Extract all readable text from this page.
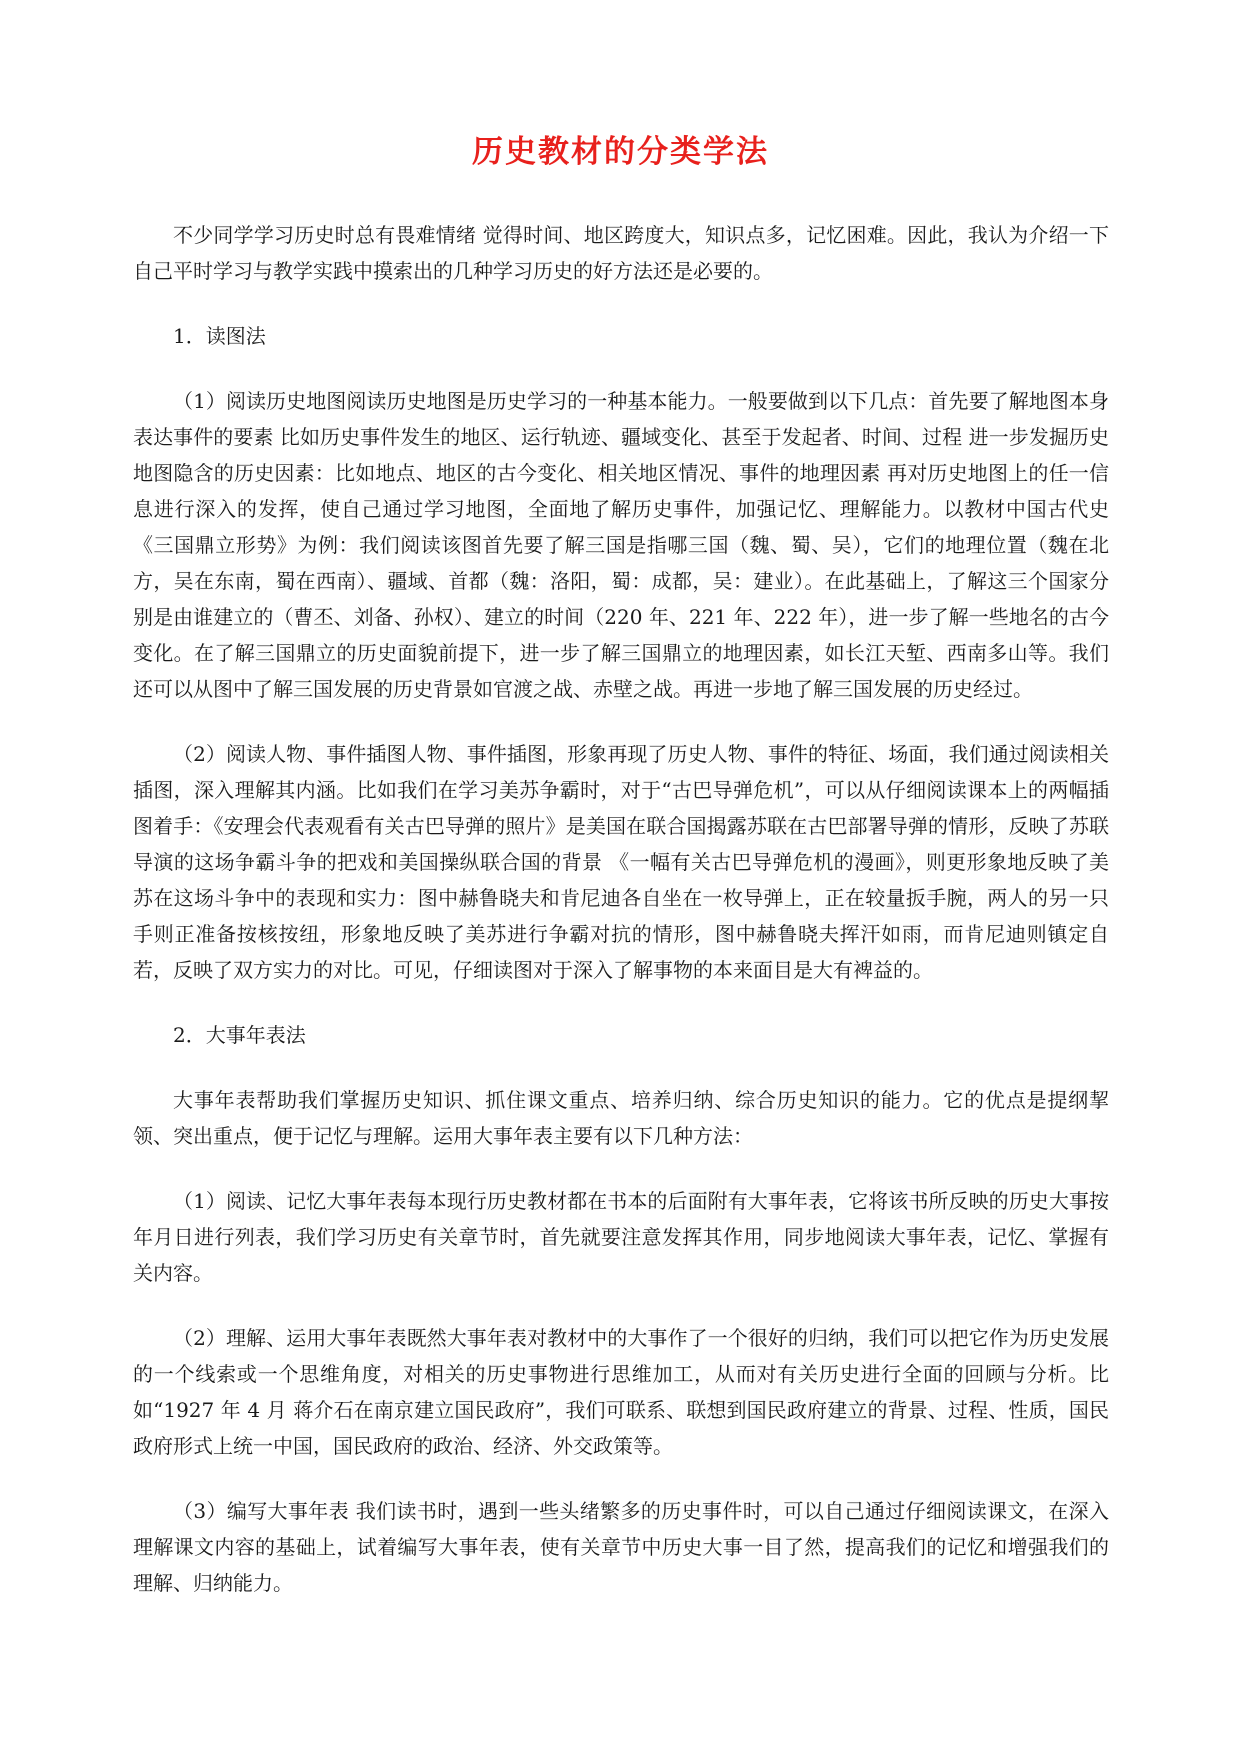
历史教材的分类学法

不少同学学习历史时总有畏难情绪 觉得时间、地区跨度大，知识点多，记忆困难。因此，我认为介绍一下自己平时学习与教学实践中摸索出的几种学习历史的好方法还是必要的。

1．读图法

（1）阅读历史地图阅读历史地图是历史学习的一种基本能力。一般要做到以下几点：首先要了解地图本身表达事件的要素 比如历史事件发生的地区、运行轨迹、疆域变化、甚至于发起者、时间、过程 进一步发掘历史地图隐含的历史因素：比如地点、地区的古今变化、相关地区情况、事件的地理因素 再对历史地图上的任一信息进行深入的发挥，使自己通过学习地图，全面地了解历史事件，加强记忆、理解能力。以教材中国古代史《三国鼎立形势》为例：我们阅读该图首先要了解三国是指哪三国（魏、蜀、吴），它们的地理位置（魏在北方，吴在东南，蜀在西南）、疆域、首都（魏：洛阳，蜀：成都，吴：建业）。在此基础上，了解这三个国家分别是由谁建立的（曹丕、刘备、孙权）、建立的时间（220 年、221 年、222 年），进一步了解一些地名的古今变化。在了解三国鼎立的历史面貌前提下，进一步了解三国鼎立的地理因素，如长江天堑、西南多山等。我们还可以从图中了解三国发展的历史背景如官渡之战、赤壁之战。再进一步地了解三国发展的历史经过。

（2）阅读人物、事件插图人物、事件插图，形象再现了历史人物、事件的特征、场面，我们通过阅读相关插图，深入理解其内涵。比如我们在学习美苏争霸时，对于“古巴导弹危机”，可以从仔细阅读课本上的两幅插图着手：《安理会代表观看有关古巴导弹的照片》是美国在联合国揭露苏联在古巴部署导弹的情形，反映了苏联导演的这场争霸斗争的把戏和美国操纵联合国的背景 《一幅有关古巴导弹危机的漫画》，则更形象地反映了美苏在这场斗争中的表现和实力：图中赫鲁晓夫和肯尼迪各自坐在一枚导弹上，正在较量扳手腕，两人的另一只手则正准备按核按纽，形象地反映了美苏进行争霸对抗的情形，图中赫鲁晓夫挥汗如雨，而肯尼迪则镇定自若，反映了双方实力的对比。可见，仔细读图对于深入了解事物的本来面目是大有裨益的。

2．大事年表法

大事年表帮助我们掌握历史知识、抓住课文重点、培养归纳、综合历史知识的能力。它的优点是提纲挈领、突出重点，便于记忆与理解。运用大事年表主要有以下几种方法：

（1）阅读、记忆大事年表每本现行历史教材都在书本的后面附有大事年表，它将该书所反映的历史大事按年月日进行列表，我们学习历史有关章节时，首先就要注意发挥其作用，同步地阅读大事年表，记忆、掌握有关内容。

（2）理解、运用大事年表既然大事年表对教材中的大事作了一个很好的归纳，我们可以把它作为历史发展的一个线索或一个思维角度，对相关的历史事物进行思维加工，从而对有关历史进行全面的回顾与分析。比如“1927 年 4 月 蒋介石在南京建立国民政府”，我们可联系、联想到国民政府建立的背景、过程、性质，国民政府形式上统一中国，国民政府的政治、经济、外交政策等。

（3）编写大事年表 我们读书时，遇到一些头绪繁多的历史事件时，可以自己通过仔细阅读课文，在深入理解课文内容的基础上，试着编写大事年表，使有关章节中历史大事一目了然，提高我们的记忆和增强我们的理解、归纳能力。
